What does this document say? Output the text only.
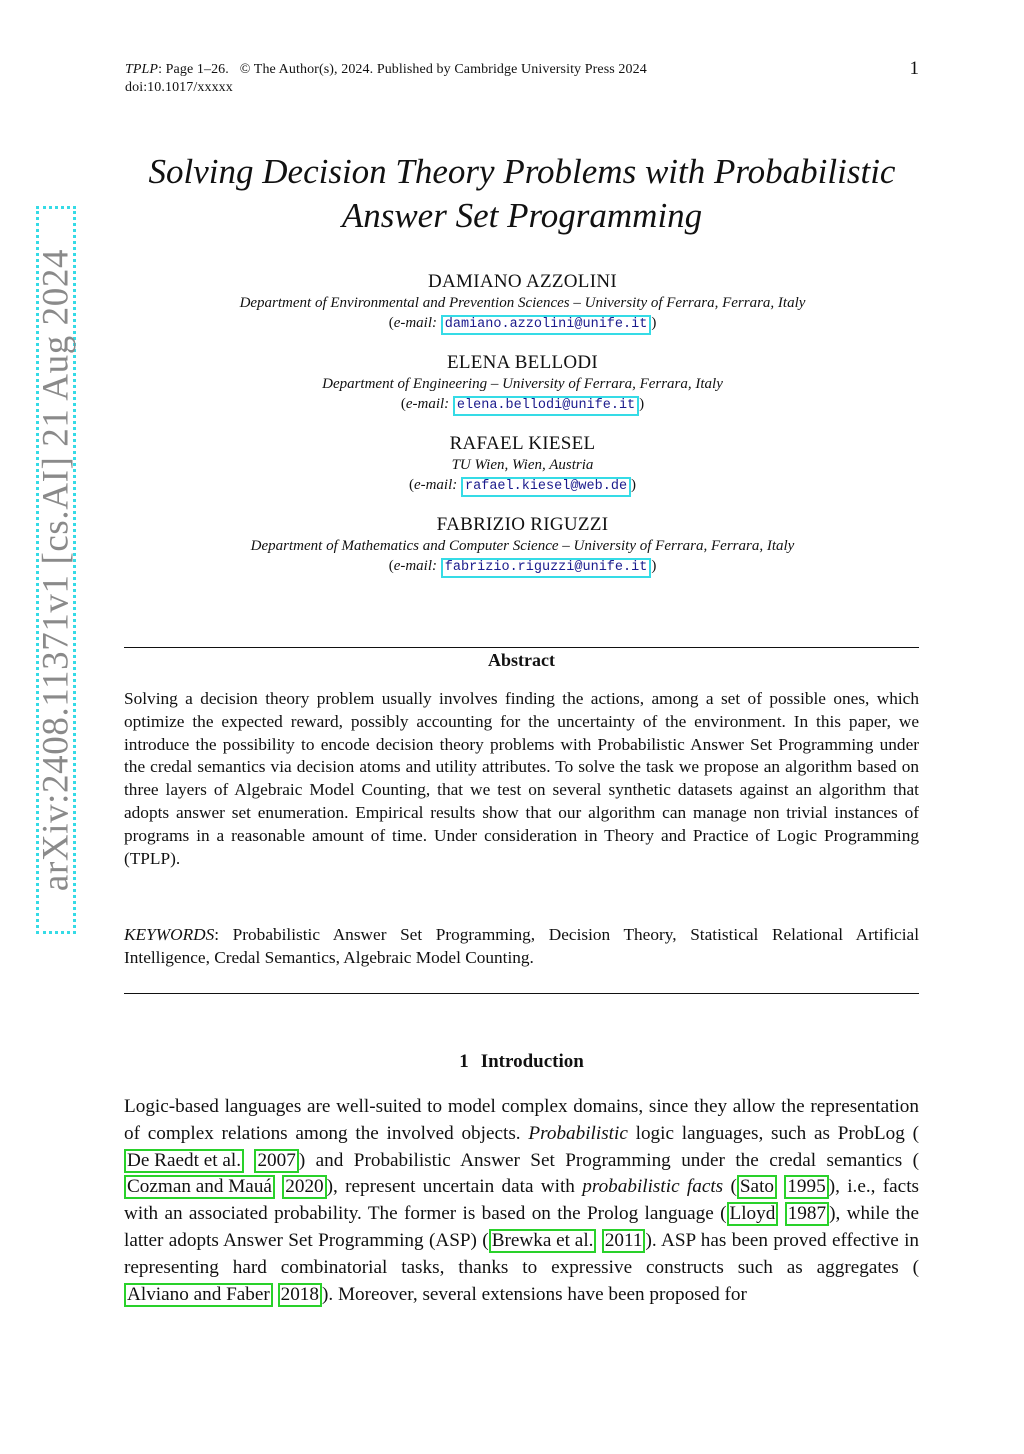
TPLP: Page 1–26. © The Author(s), 2024. Published by Cambridge University Press 2024
doi:10.1017/xxxxx
1
arXiv:2408.11371v1 [cs.AI] 21 Aug 2024
Solving Decision Theory Problems with Probabilistic
Answer Set Programming
DAMIANO AZZOLINI
Department of Environmental and Prevention Sciences – University of Ferrara, Ferrara, Italy
(e-mail: damiano.azzolini@unife.it )
ELENA BELLODI
Department of Engineering – University of Ferrara, Ferrara, Italy
(e-mail: elena.bellodi@unife.it )
RAFAEL KIESEL
TU Wien, Wien, Austria
(e-mail: rafael.kiesel@web.de )
FABRIZIO RIGUZZI
Department of Mathematics and Computer Science – University of Ferrara, Ferrara, Italy
(e-mail: fabrizio.riguzzi@unife.it )
Abstract
Solving a decision theory problem usually involves finding the actions, among a set of possible ones, which optimize the expected reward, possibly accounting for the uncertainty of the environment. In this paper, we introduce the possibility to encode decision theory problems with Probabilistic Answer Set Programming under the credal semantics via decision atoms and utility attributes. To solve the task we propose an algorithm based on three layers of Algebraic Model Counting, that we test on several synthetic datasets against an algorithm that adopts answer set enumeration. Empirical results show that our algorithm can manage non trivial instances of programs in a reasonable amount of time. Under consideration in Theory and Practice of Logic Programming (TPLP).
KEYWORDS: Probabilistic Answer Set Programming, Decision Theory, Statistical Relational Artificial Intelligence, Credal Semantics, Algebraic Model Counting.
1 Introduction
Logic-based languages are well-suited to model complex domains, since they allow the representation of complex relations among the involved objects. Probabilistic logic languages, such as ProbLog (De Raedt et al. 2007 ) and Probabilistic Answer Set Programming under the credal semantics (Cozman and Mauá 2020 ), represent uncertain data with probabilistic facts ( Sato 1995 ), i.e., facts with an associated probability. The former is based on the Prolog language ( Lloyd 1987 ), while the latter adopts Answer Set Programming (ASP) ( Brewka et al. 2011 ). ASP has been proved effective in representing hard combinatorial tasks, thanks to expressive constructs such as aggregates (Alviano and Faber 2018 ). Moreover, several extensions have been proposed for
